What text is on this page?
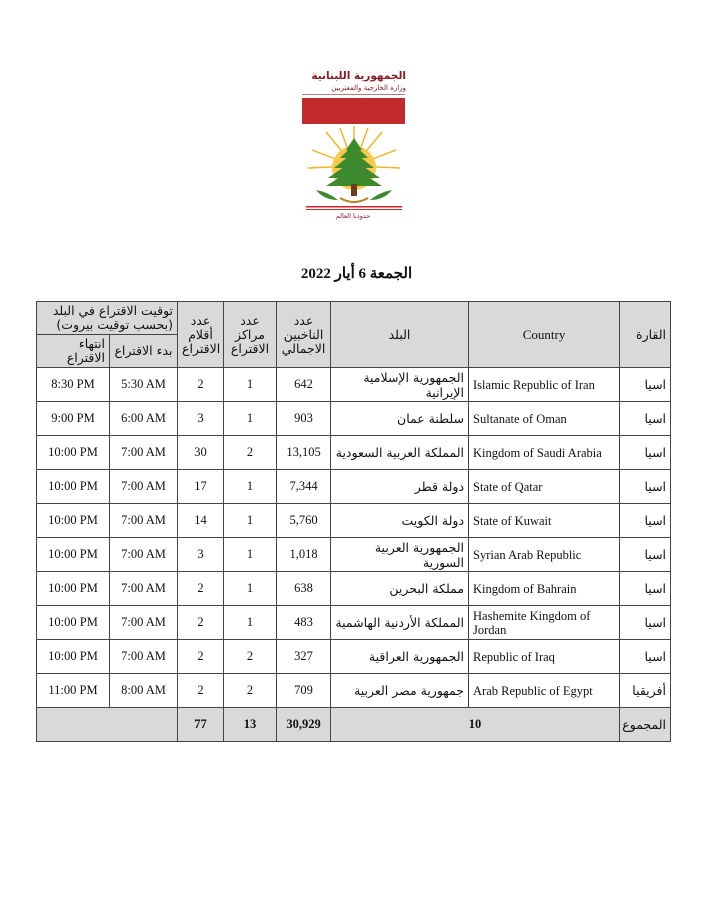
الجمهورية اللبنانية
وزارة الخارجية والمغتربين
حدودنا العالم
الجمعة 6 أيار 2022
توقيت الاقتراع في البلد (بحسب توقيت بيروت)		عدد أقلام الاقتراع	عدد مراكز الاقتراع	عدد الناخبين الاجمالي	البلد	Country	القارة
انتهاء الاقتراع	بدء الاقتراع						
8:30 PM	5:30 AM	2	1	642	الجمهورية الإسلامية الإيرانية	Islamic Republic of Iran	اسيا
9:00 PM	6:00 AM	3	1	903	سلطنة عمان	Sultanate of Oman	اسيا
10:00 PM	7:00 AM	30	2	13,105	المملكة العربية السعودية	Kingdom of Saudi Arabia	اسيا
10:00 PM	7:00 AM	17	1	7,344	دولة قطر	State of Qatar	اسيا
10:00 PM	7:00 AM	14	1	5,760	دولة الكويت	State of Kuwait	اسيا
10:00 PM	7:00 AM	3	1	1,018	الجمهورية العربية السورية	Syrian Arab Republic	اسيا
10:00 PM	7:00 AM	2	1	638	مملكة البحرين	Kingdom of Bahrain	اسيا
10:00 PM	7:00 AM	2	1	483	المملكة الأردنية الهاشمية	Hashemite Kingdom of Jordan	اسيا
10:00 PM	7:00 AM	2	2	327	الجمهورية العراقية	Republic of Iraq	اسيا
11:00 PM	8:00 AM	2	2	709	جمهورية مصر العربية	Arab Republic of Egypt	أفريقيا
		77	13	30,929	10		المجموع
